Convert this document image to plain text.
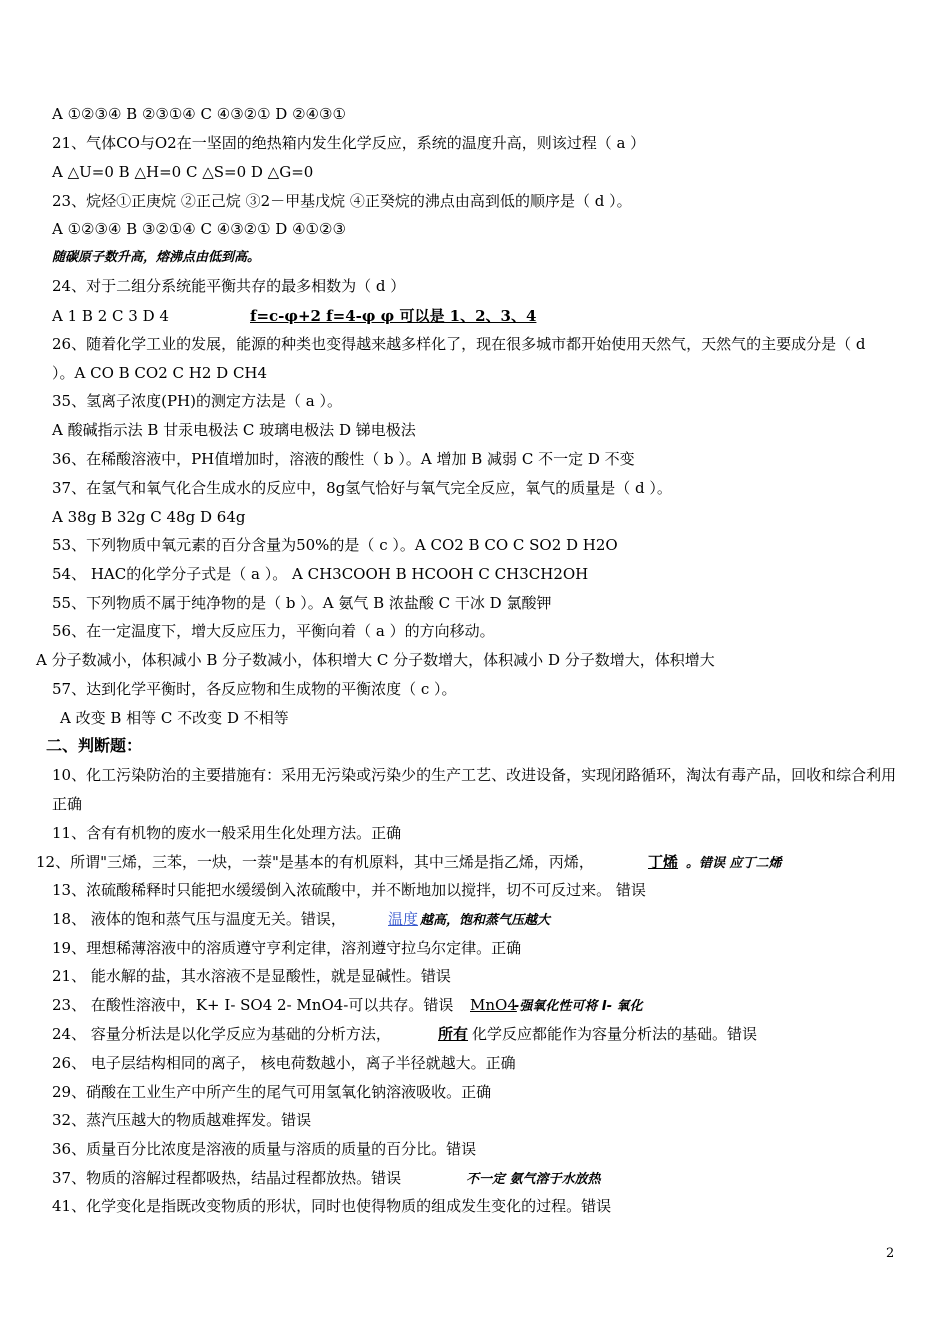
A ①②③④ B ②③①④ C ④③②① D ②④③①
21、气体CO与O2在一坚固的绝热箱内发生化学反应，系统的温度升高，则该过程（ a ）
A △U=0 B △H=0 C △S=0 D △G=0
23、烷烃①正庚烷 ②正己烷 ③2－甲基戊烷 ④正癸烷的沸点由高到低的顺序是（ d ）。
A ①②③④ B ③②①④ C ④③②① D ④①②③
随碳原子数升高，熔沸点由低到高。
24、对于二组分系统能平衡共存的最多相数为（ d ）
A 1 B 2 C 3 D 4	f=c-φ+2 f=4-φ φ 可以是 1、2、3、4
26、随着化学工业的发展，能源的种类也变得越来越多样化了，现在很多城市都开始使用天然气，天然气的主要成分是（ d
）。A CO B CO2 C H2 D CH4
35、氢离子浓度(PH)的测定方法是（ a ）。
A 酸碱指示法 B 甘汞电极法 C 玻璃电极法 D 锑电极法
36、在稀酸溶液中，PH值增加时，溶液的酸性（ b ）。A 增加 B 减弱 C 不一定 D 不变
37、在氢气和氧气化合生成水的反应中，8g氢气恰好与氧气完全反应，氧气的质量是（ d ）。
A 38g B 32g C 48g D 64g
53、下列物质中氧元素的百分含量为50%的是（ c ）。A CO2 B CO C SO2 D H2O
54、 HAC的化学分子式是（ a ）。 A CH3COOH B HCOOH C CH3CH2OH
55、下列物质不属于纯净物的是（ b ）。A 氨气 B 浓盐酸 C 干冰 D 氯酸钾
56、在一定温度下，增大反应压力，平衡向着（ a ）的方向移动。
A 分子数减小，体积减小 B 分子数减小，体积增大 C 分子数增大，体积减小 D 分子数增大，体积增大
57、达到化学平衡时，各反应物和生成物的平衡浓度（ c ）。
A 改变 B 相等 C 不改变 D 不相等
二、判断题：
10、化工污染防治的主要措施有：采用无污染或污染少的生产工艺、改进设备，实现闭路循环，淘汰有毒产品，回收和综合利用
正确
11、含有有机物的废水一般采用生化处理方法。正确
12、所谓"三烯，三苯，一炔，一萘"是基本的有机原料，其中三烯是指乙烯，丙烯，	丁烯 。错误 应丁二烯
13、浓硫酸稀释时只能把水缓缓倒入浓硫酸中，并不断地加以搅拌，切不可反过来。 错误
18、 液体的饱和蒸气压与温度无关。错误，	温度 越高，饱和蒸气压越大
19、理想稀薄溶液中的溶质遵守亨利定律，溶剂遵守拉乌尔定律。正确
21、 能水解的盐，其水溶液不是显酸性，就是显碱性。错误
23、 在酸性溶液中，K+ I- SO4 2- MnO4-可以共存。错误 MnO4
-强氧化性可将 I- 氧化
24、 容量分析法是以化学反应为基础的分析方法，	所有 化学反应都能作为容量分析法的基础。错误
26、 电子层结构相同的离子， 核电荷数越小，离子半径就越大。正确
29、硝酸在工业生产中所产生的尾气可用氢氧化钠溶液吸收。正确
32、蒸汽压越大的物质越难挥发。错误
36、质量百分比浓度是溶液的质量与溶质的质量的百分比。错误
37、物质的溶解过程都吸热，结晶过程都放热。错误	不一定 氨气溶于水放热
41、化学变化是指既改变物质的形状，同时也使得物质的组成发生变化的过程。错误
2
